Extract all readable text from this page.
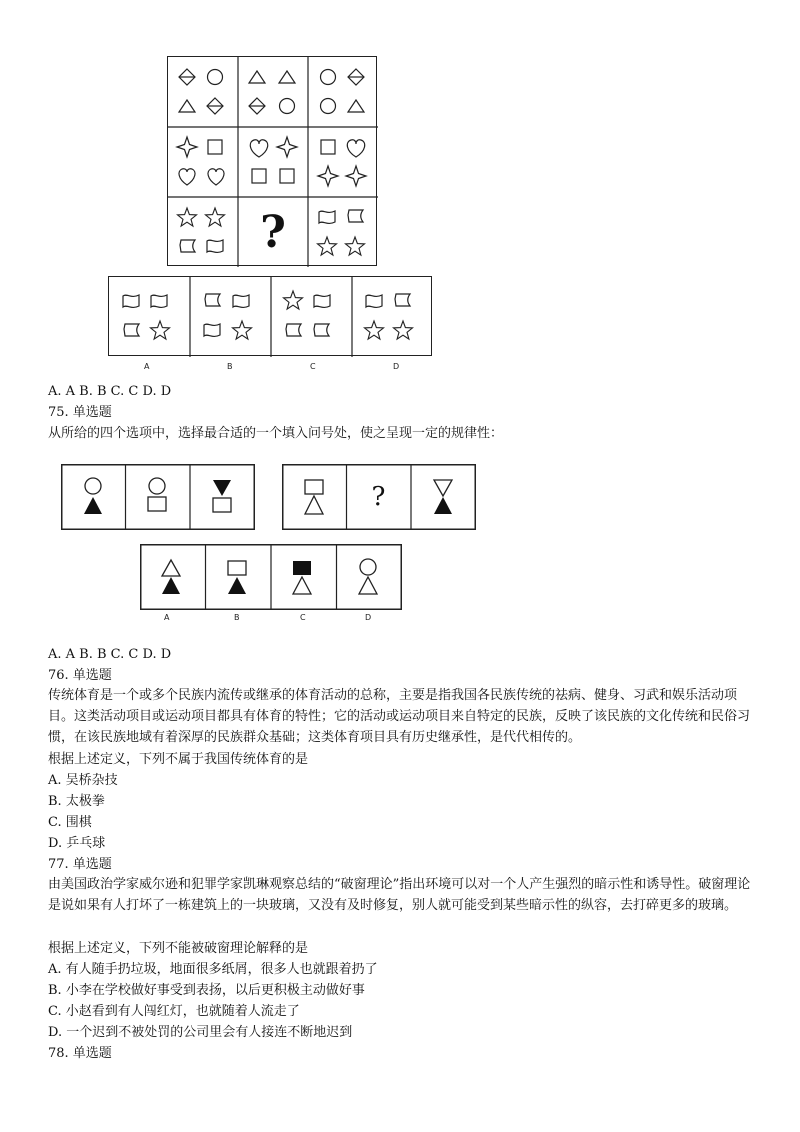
?
A	B	C	D
A. A B. B C. C D. D
75. 单选题
从所给的四个选项中，选择最合适的一个填入问号处，使之呈现一定的规律性：
?
A	B	C	D
A. A B. B C. C D. D
76. 单选题
传统体育是一个或多个民族内流传或继承的体育活动的总称，主要是指我国各民族传统的祛病、健身、习武和娱乐活动项目。这类活动项目或运动项目都具有体育的特性；它的活动或运动项目来自特定的民族，反映了该民族的文化传统和民俗习惯，在该民族地域有着深厚的民族群众基础；这类体育项目具有历史继承性，是代代相传的。
根据上述定义，下列不属于我国传统体育的是
A. 吴桥杂技
B. 太极拳
C. 围棋
D. 乒乓球
77. 单选题
由美国政治学家威尔逊和犯罪学家凯琳观察总结的“破窗理论”指出环境可以对一个人产生强烈的暗示性和诱导性。破窗理论是说如果有人打坏了一栋建筑上的一块玻璃，又没有及时修复，别人就可能受到某些暗示性的纵容，去打碎更多的玻璃。
根据上述定义，下列不能被破窗理论解释的是
A. 有人随手扔垃圾，地面很多纸屑，很多人也就跟着扔了
B. 小李在学校做好事受到表扬，以后更积极主动做好事
C. 小赵看到有人闯红灯，也就随着人流走了
D. 一个迟到不被处罚的公司里会有人接连不断地迟到
78. 单选题
